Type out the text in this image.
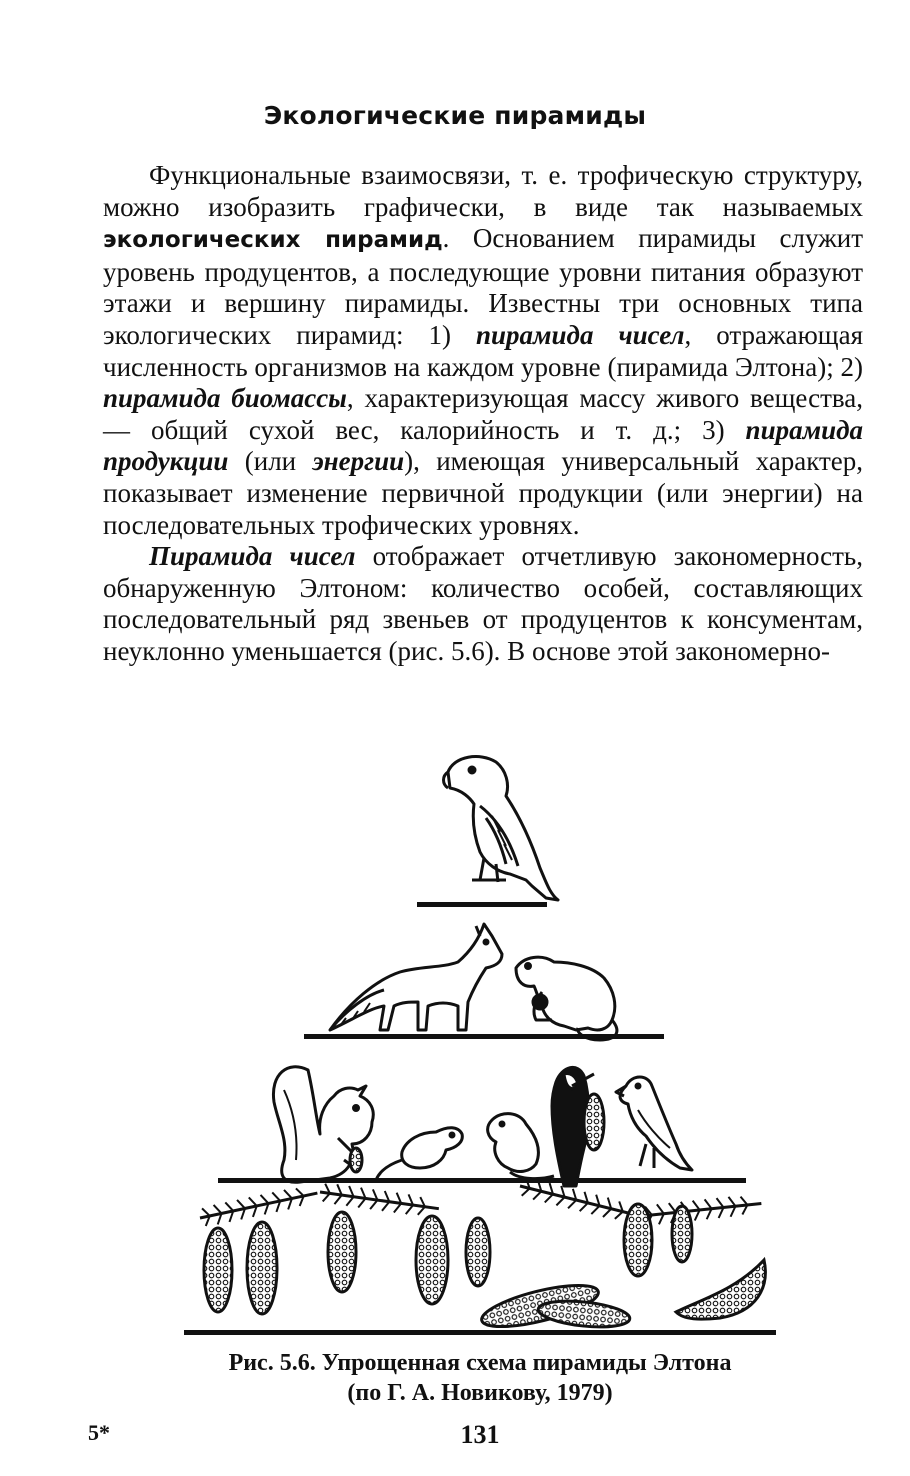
Экологические пирамиды

Функциональные взаимосвязи, т. е. трофическую структуру, можно изобразить графически, в виде так называемых экологических пирамид. Основанием пирамиды служит уровень продуцентов, а последующие уровни питания образуют этажи и вершину пирамиды. Известны три основных типа экологических пирамид: 1) пирамида чисел, отражающая численность организмов на каждом уровне (пирамида Элтона); 2) пирамида биомассы, характеризующая массу живого вещества, — общий сухой вес, калорийность и т. д.; 3) пирамида продукции (или энергии), имеющая универсальный характер, показывает изменение первичной продукции (или энергии) на последовательных трофических уровнях.

Пирамида чисел отображает отчетливую закономерность, обнаруженную Элтоном: количество особей, составляющих последовательный ряд звеньев от продуцентов к консументам, неуклонно уменьшается (рис. 5.6). В основе этой закономерно-

Рис. 5.6. Упрощенная схема пирамиды Элтона
(по Г. А. Новикову, 1979)
5*	131
